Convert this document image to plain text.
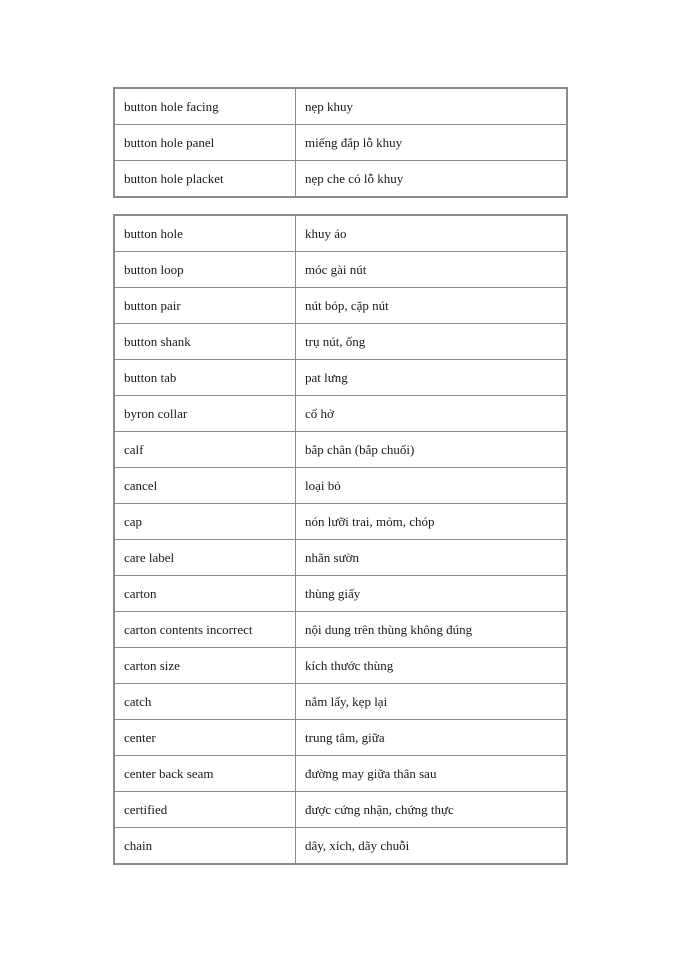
button hole facing	nẹp khuy
button hole panel	miếng đắp lỗ khuy
button hole placket	nẹp che có lỗ khuy
button hole	khuy áo
button loop	móc gài nút
button pair	nút bóp, cặp nút
button shank	trụ nút, ống
button tab	pat lưng
byron collar	cổ hở
calf	bắp chân (bắp chuối)
cancel	loại bỏ
cap	nón lưỡi trai, mỏm, chóp
care label	nhãn sườn
carton	thùng giấy
carton contents incorrect	nội dung trên thùng không đúng
carton size	kích thước thùng
catch	nắm lấy, kẹp lại
center	trung tâm, giữa
center back seam	đường may giữa thân sau
certified	được cứng nhận, chứng thực
chain	dây, xích, dãy chuỗi
